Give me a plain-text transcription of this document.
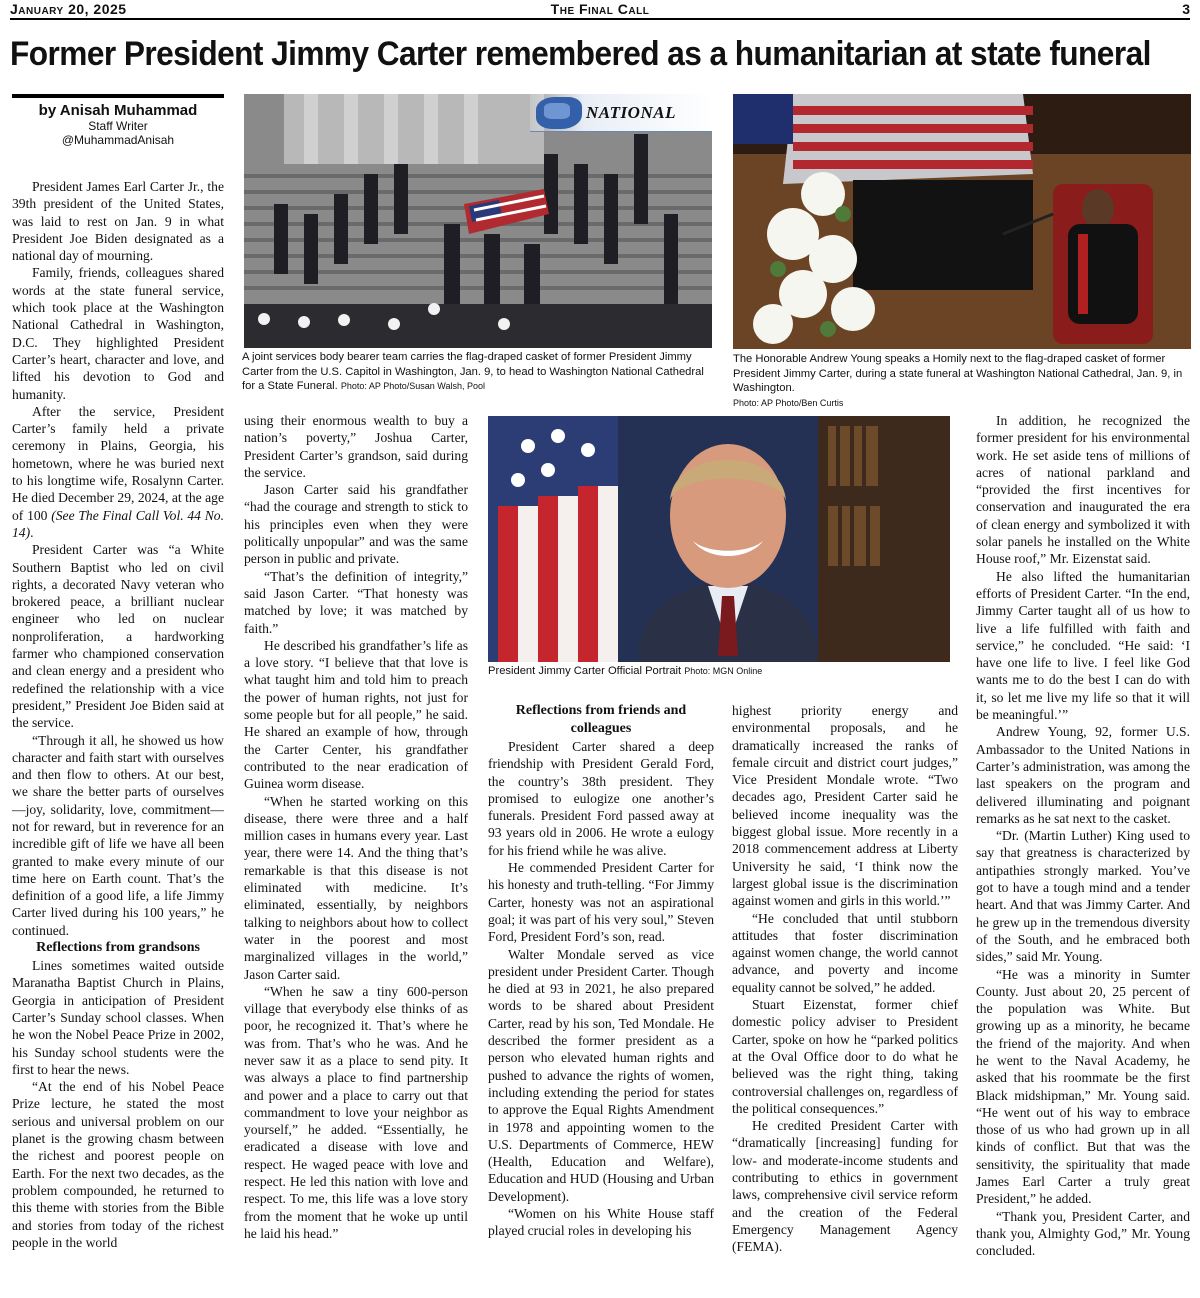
January 20, 2025	The Final Call	3
Former President Jimmy Carter remembered as a humanitarian at state funeral
by Anisah Muhammad
Staff Writer
@MuhammadAnisah
NATIONAL
A joint services body bearer team carries the flag-draped casket of former President Jimmy Carter from the U.S. Capitol in Washington, Jan. 9, to head to Washington National Cathedral for a State Funeral. Photo: AP Photo/Susan Walsh, Pool
The Honorable Andrew Young speaks a Homily next to the flag-draped casket of former President Jimmy Carter, during a state funeral at Washington National Cathedral, Jan. 9, in Washington.
Photo: AP Photo/Ben Curtis
President Jimmy Carter Official Portrait Photo: MGN Online

President James Earl Carter Jr., the 39th president of the United States, was laid to rest on Jan. 9 in what President Joe Biden designated as a national day of mourning.

Family, friends, colleagues shared words at the state funeral service, which took place at the Washington National Cathedral in Washington, D.C. They highlighted President Carter’s heart, character and love, and lifted his devotion to God and humanity.

After the service, President Carter’s family held a private ceremony in Plains, Georgia, his hometown, where he was buried next to his longtime wife, Rosalynn Carter. He died December 29, 2024, at the age of 100 (See The Final Call Vol. 44 No. 14).

President Carter was “a White Southern Baptist who led on civil rights, a decorated Navy veteran who brokered peace, a brilliant nuclear engineer who led on nuclear nonproliferation, a hardworking farmer who championed conservation and clean energy and a president who redefined the relationship with a vice president,” President Joe Biden said at the service.

“Through it all, he showed us how character and faith start with ourselves and then flow to others. At our best, we share the better parts of ourselves—joy, solidarity, love, commitment—not for reward, but in reverence for an incredible gift of life we have all been granted to make every minute of our time here on Earth count. That’s the definition of a good life, a life Jimmy Carter lived during his 100 years,” he continued.

Reflections from grandsons

Lines sometimes waited outside Maranatha Baptist Church in Plains, Georgia in anticipation of President Carter’s Sunday school classes. When he won the Nobel Peace Prize in 2002, his Sunday school students were the first to hear the news.

“At the end of his Nobel Peace Prize lecture, he stated the most serious and universal problem on our planet is the growing chasm between the richest and poorest people on Earth. For the next two decades, as the problem compounded, he returned to this theme with stories from the Bible and stories from today of the richest people in the world

using their enormous wealth to buy a nation’s poverty,” Joshua Carter, President Carter’s grandson, said during the service.

Jason Carter said his grandfather “had the courage and strength to stick to his principles even when they were politically unpopular” and was the same person in public and private.

“That’s the definition of integrity,” said Jason Carter. “That honesty was matched by love; it was matched by faith.”

He described his grandfather’s life as a love story. “I believe that that love is what taught him and told him to preach the power of human rights, not just for some people but for all people,” he said. He shared an example of how, through the Carter Center, his grandfather contributed to the near eradication of Guinea worm disease.

“When he started working on this disease, there were three and a half million cases in humans every year. Last year, there were 14. And the thing that’s remarkable is that this disease is not eliminated with medicine. It’s eliminated, essentially, by neighbors talking to neighbors about how to collect water in the poorest and most marginalized villages in the world,” Jason Carter said.

“When he saw a tiny 600-person village that everybody else thinks of as poor, he recognized it. That’s where he was from. That’s who he was. And he never saw it as a place to send pity. It was always a place to find partnership and power and a place to carry out that commandment to love your neighbor as yourself,” he added. “Essentially, he eradicated a disease with love and respect. He waged peace with love and respect. He led this nation with love and respect. To me, this life was a love story from the moment that he woke up until he laid his head.”

Reflections from friends and colleagues

President Carter shared a deep friendship with President Gerald Ford, the country’s 38th president. They promised to eulogize one another’s funerals. President Ford passed away at 93 years old in 2006. He wrote a eulogy for his friend while he was alive.

He commended President Carter for his honesty and truth-telling. “For Jimmy Carter, honesty was not an aspirational goal; it was part of his very soul,” Steven Ford, President Ford’s son, read.

Walter Mondale served as vice president under President Carter. Though he died at 93 in 2021, he also prepared words to be shared about President Carter, read by his son, Ted Mondale. He described the former president as a person who elevated human rights and pushed to advance the rights of women, including extending the period for states to approve the Equal Rights Amendment in 1978 and appointing women to the U.S. Departments of Commerce, HEW (Health, Education and Welfare), Education and HUD (Housing and Urban Development).

“Women on his White House staff played crucial roles in developing his

highest priority energy and environmental proposals, and he dramatically increased the ranks of female circuit and district court judges,” Vice President Mondale wrote. “Two decades ago, President Carter said he believed income inequality was the biggest global issue. More recently in a 2018 commencement address at Liberty University he said, ‘I think now the largest global issue is the discrimination against women and girls in this world.’”

“He concluded that until stubborn attitudes that foster discrimination against women change, the world cannot advance, and poverty and income equality cannot be solved,” he added.

Stuart Eizenstat, former chief domestic policy adviser to President Carter, spoke on how he “parked politics at the Oval Office door to do what he believed was the right thing, taking controversial challenges on, regardless of the political consequences.”

He credited President Carter with “dramatically [increasing] funding for low- and moderate-income students and contributing to ethics in government laws, comprehensive civil service reform and the creation of the Federal Emergency Management Agency (FEMA).

In addition, he recognized the former president for his environmental work. He set aside tens of millions of acres of national parkland and “provided the first incentives for conservation and inaugurated the era of clean energy and symbolized it with solar panels he installed on the White House roof,” Mr. Eizenstat said.

He also lifted the humanitarian efforts of President Carter. “In the end, Jimmy Carter taught all of us how to live a life fulfilled with faith and service,” he concluded. “He said: ‘I have one life to live. I feel like God wants me to do the best I can do with it, so let me live my life so that it will be meaningful.’”

Andrew Young, 92, former U.S. Ambassador to the United Nations in Carter’s administration, was among the last speakers on the program and delivered illuminating and poignant remarks as he sat next to the casket.

“Dr. (Martin Luther) King used to say that greatness is characterized by antipathies strongly marked. You’ve got to have a tough mind and a tender heart. And that was Jimmy Carter. And he grew up in the tremendous diversity of the South, and he embraced both sides,” said Mr. Young.

“He was a minority in Sumter County. Just about 20, 25 percent of the population was White. But growing up as a minority, he became the friend of the majority. And when he went to the Naval Academy, he asked that his roommate be the first Black midshipman,” Mr. Young said. “He went out of his way to embrace those of us who had grown up in all kinds of conflict. But that was the sensitivity, the spirituality that made James Earl Carter a truly great President,” he added.

“Thank you, President Carter, and thank you, Almighty God,” Mr. Young concluded.
